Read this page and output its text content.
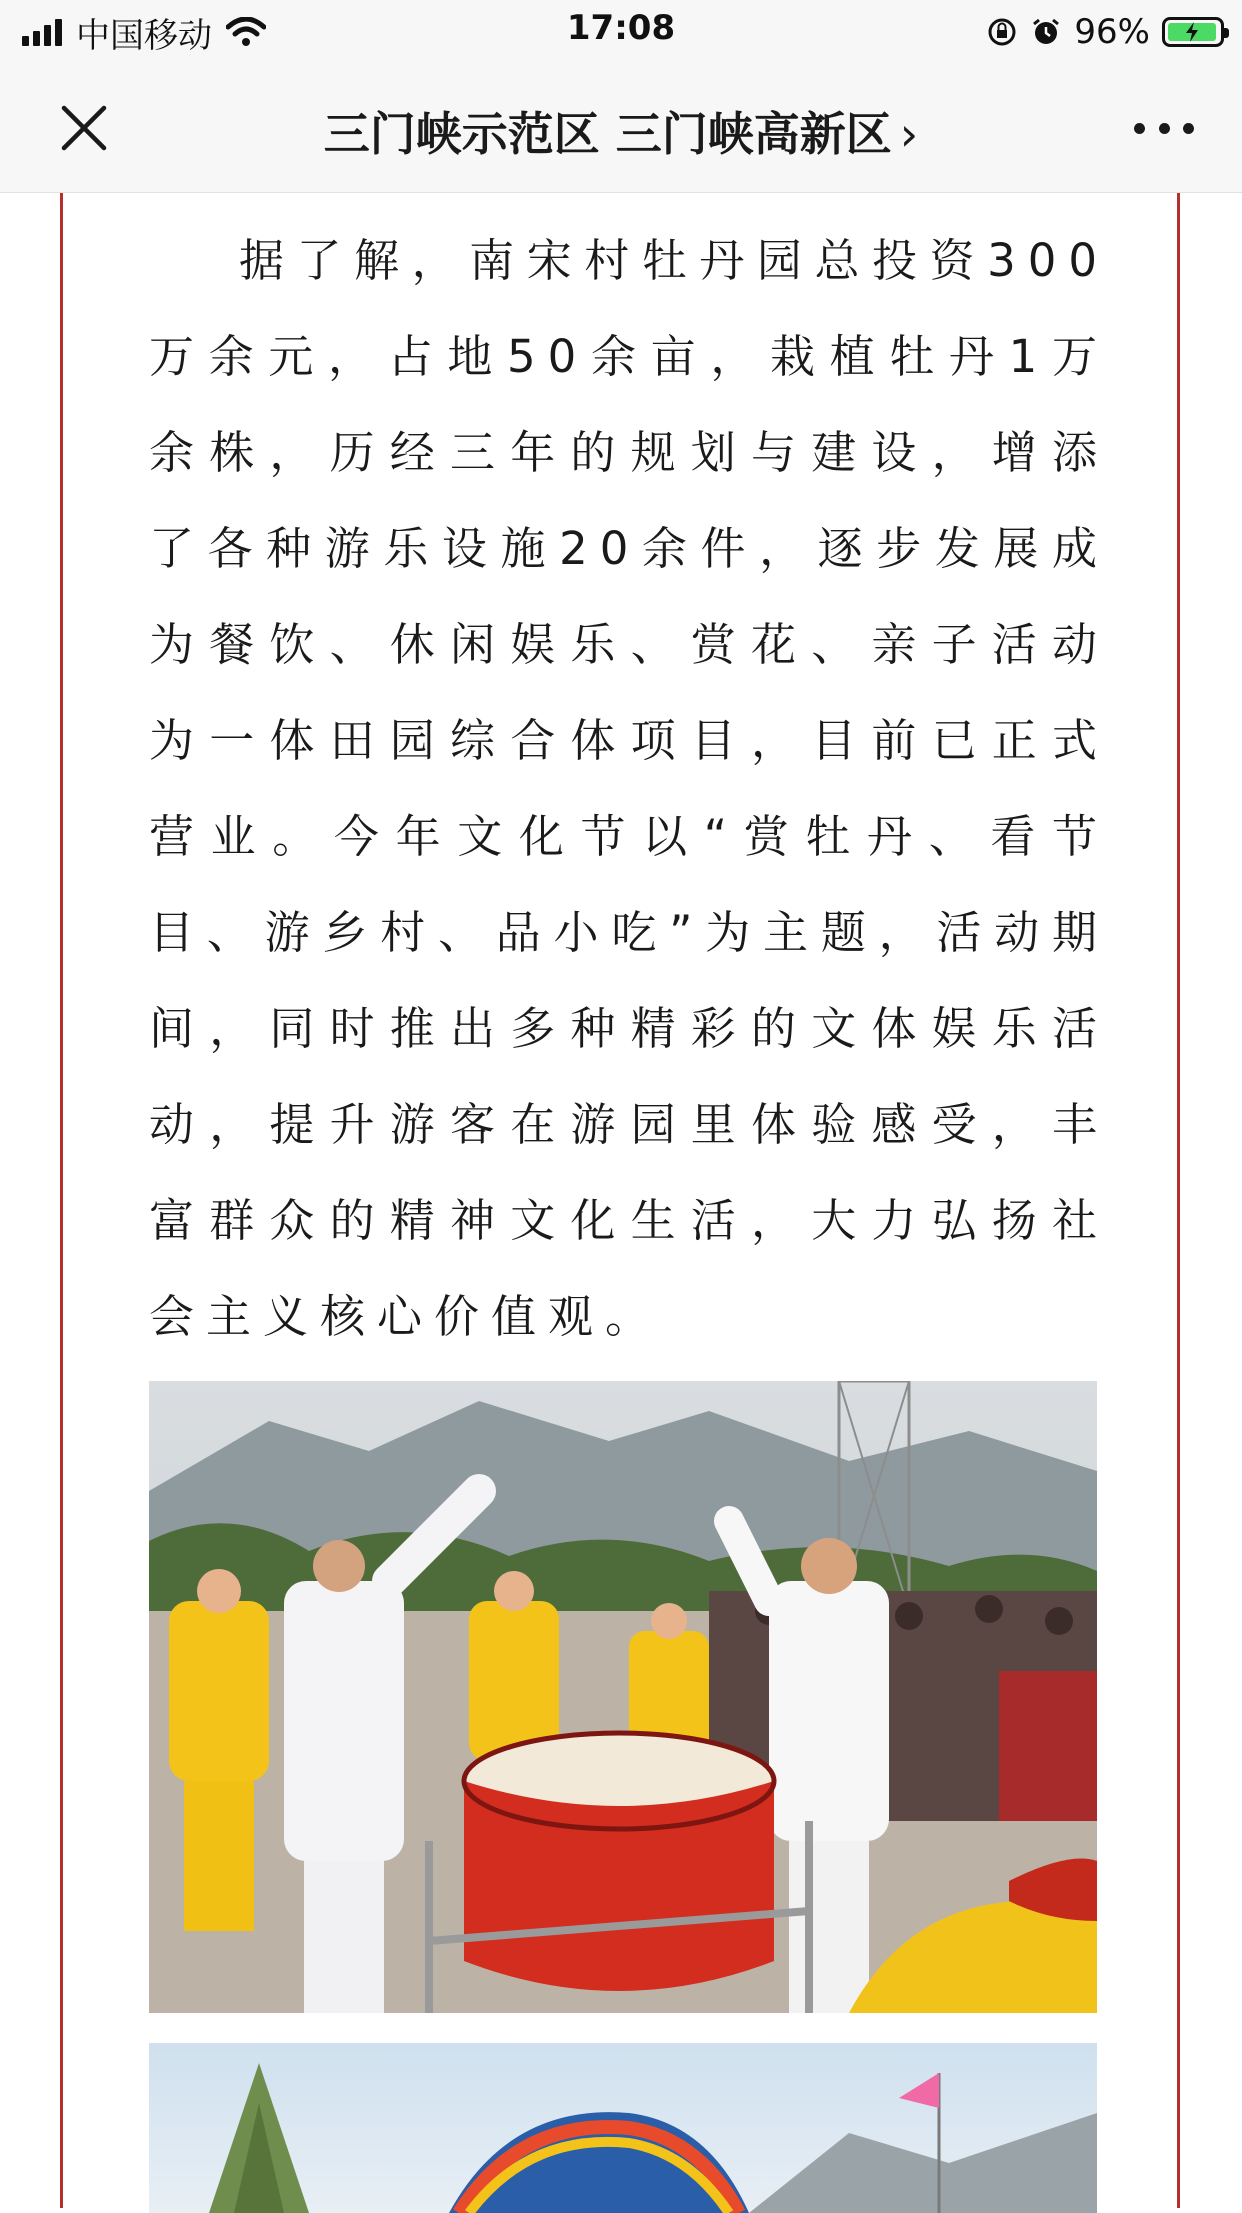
中国移动	17:08	96%
三门峡示范区 三门峡高新区 ›

据了解，南宋村牡丹园总投资300万余元，占地50余亩，栽植牡丹1万余株，历经三年的规划与建设，增添了各种游乐设施20余件，逐步发展成为餐饮、休闲娱乐、赏花、亲子活动为一体田园综合体项目，目前已正式营业。今年文化节以“赏牡丹、看节目、游乡村、品小吃”为主题，活动期间，同时推出多种精彩的文体娱乐活动，提升游客在游园里体验感受，丰富群众的精神文化生活，大力弘扬社会主义核心价值观。
